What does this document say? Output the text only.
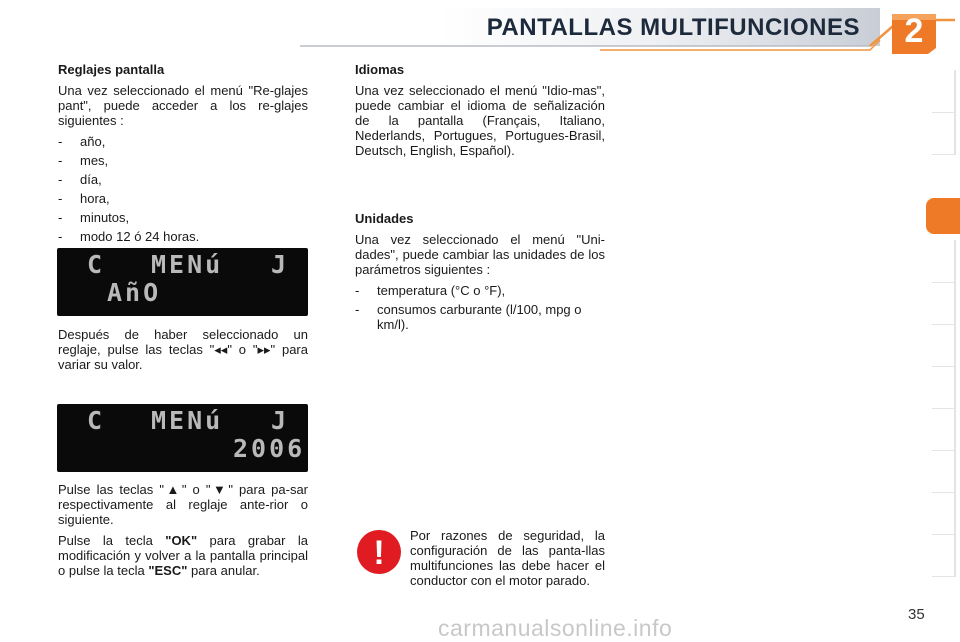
PANTALLAS MULTIFUNCIONES	2
Reglajes pantalla

Una vez seleccionado el menú "Re-glajes pant", puede acceder a los re-glajes siguientes :

- año,
- mes,
- día,
- hora,
- minutos,
- modo 12 ó 24 horas.
C MENú J
AñO

Después de haber seleccionado un reglaje, pulse las teclas "◂◂" o "▸▸" para variar su valor.

C MENú J
2006

Pulse las teclas "▲" o "▼" para pa-sar respectivamente al reglaje ante-rior o siguiente.

Pulse la tecla "OK" para grabar la modificación y volver a la pantalla principal o pulse la tecla "ESC" para anular.

Idiomas

Una vez seleccionado el menú "Idio-mas", puede cambiar el idioma de señalización de la pantalla (Français, Italiano, Nederlands, Portugues, Portugues-Brasil, Deutsch, English, Español).

Unidades

Una vez seleccionado el menú "Uni-dades", puede cambiar las unidades de los parámetros siguientes :

- temperatura (°C o °F),
- consumos carburante (l/100, mpg o km/l).
!	Por razones de seguridad, la configuración de las panta-llas multifunciones las debe hacer el conductor con el motor parado.

35
carmanualsonline.info
